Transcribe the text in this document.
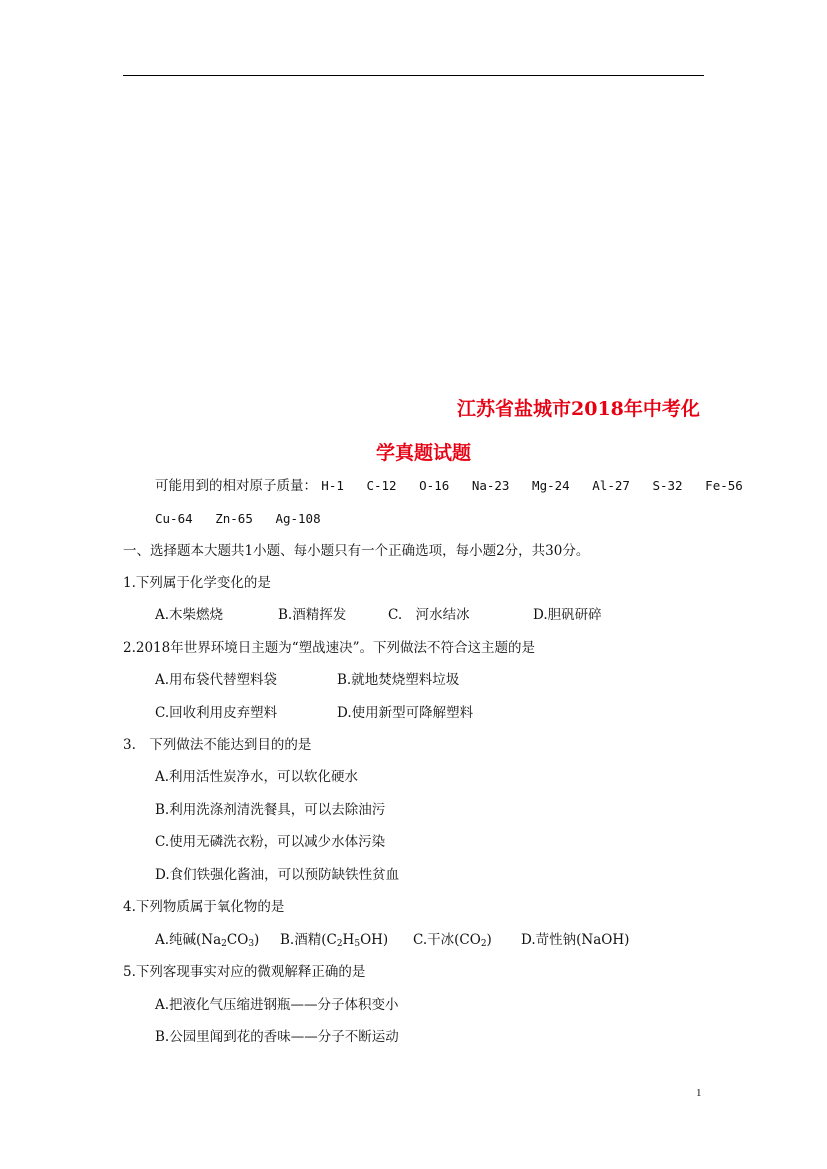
江苏省盐城市2018年中考化
学真题试题
可能用到的相对原子质量： H-1 C-12 O-16 Na-23 Mg-24 Al-27 S-32 Fe-56
Cu-64 Zn-65 Ag-108
一、选择题本大题共1小题、每小题只有一个正确选项，每小题2分，共30分。
1.下列属于化学变化的是
A.木柴燃烧	B.酒精挥发	C.　河水结冰	D.胆矾研碎
2.2018年世界环境日主题为“塑战速决”。下列做法不符合这主题的是
A.用布袋代替塑料袋	B.就地焚烧塑料垃圾
C.回收利用皮弃塑料	D.使用新型可降解塑料
3.　下列做法不能达到目的的是
A.利用活性炭净水，可以软化硬水
B.利用洗涤剂清洗餐具，可以去除油污
C.使用无磷洗衣粉，可以减少水体污染
D.食们铁强化酱油，可以预防缺铁性贫血
4.下列物质属于氧化物的是
A.纯碱$(Na_2CO_3)$ B.酒精$(C_2H_5OH)$ C.干冰$(CO_2)$ D.苛性钠(NaOH)
5.下列客现事实对应的微观解释正确的是
A.把液化气压缩进钢瓶——分子体积变小
B.公园里闻到花的香味——分子不断运动
1
